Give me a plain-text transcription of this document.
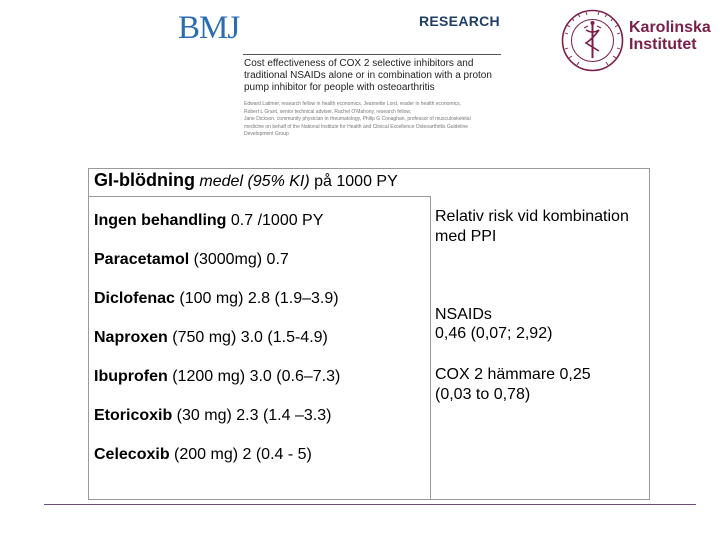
BMJ	RESEARCH
Cost effectiveness of COX 2 selective inhibitors and traditional NSAIDs alone or in combination with a proton pump inhibitor for people with osteoarthritis
Edward Latimer, research fellow in health economics, Jeannette Lord, reader in health economics,
Robert L Grant, senior technical adviser, Rachel O'Mahony, research fellow,
Jane Dickson, community physician in rheumatology, Philip G Conaghan, professor of musculoskeletal
medicine on behalf of the National Institute for Health and Clinical Excellence Osteoarthritis Guideline
Development Group
Karolinska
Institutet
GI-blödning medel (95% KI) på 1000 PY
Ingen behandling 0.7 /1000 PY
Paracetamol (3000mg) 0.7
Diclofenac (100 mg) 2.8 (1.9–3.9)
Naproxen (750 mg) 3.0 (1.5-4.9)
Ibuprofen (1200 mg) 3.0 (0.6–7.3)
Etoricoxib (30 mg) 2.3 (1.4 –3.3)
Celecoxib (200 mg) 2 (0.4 - 5)
Relativ risk vid kombination
med PPI
NSAIDs
0,46 (0,07; 2,92)
COX 2 hämmare 0,25
(0,03 to 0,78)
